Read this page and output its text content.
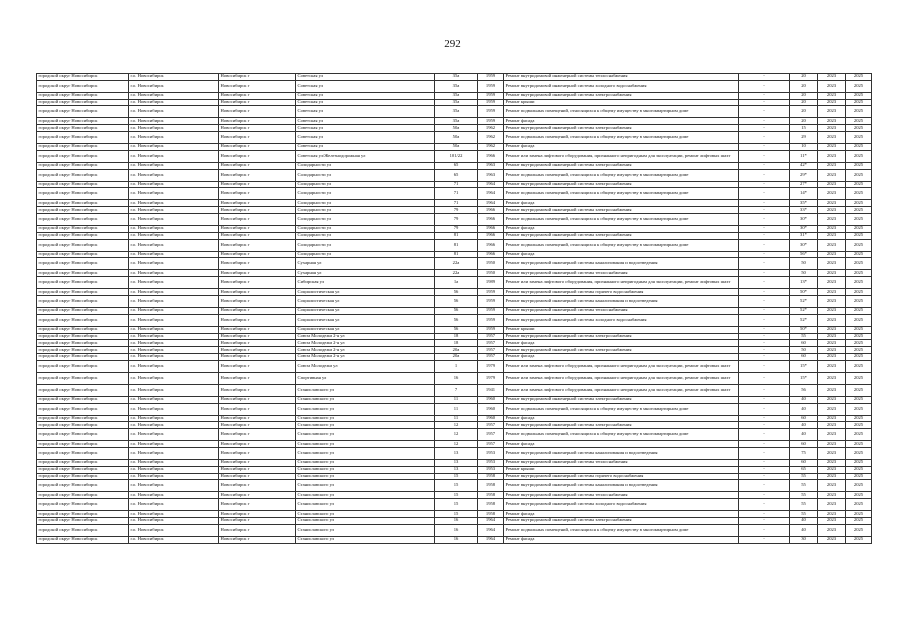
292
городской округ Новосибирск	г.о. Новосибирск	Новосибирск г	Советская ул	35а	1959	Ремонт внутридомовой инженерной системы теплоснабжения	-	20	2023	2025
городской округ Новосибирск	г.о. Новосибирск	Новосибирск г	Советская ул	35а	1959	Ремонт внутридомовой инженерной системы холодного водоснабжения	-	20	2023	2025
городской округ Новосибирск	г.о. Новосибирск	Новосибирск г	Советская ул	35а	1959	Ремонт внутридомовой инженерной системы электроснабжения	-	20	2023	2025
городской округ Новосибирск	г.о. Новосибирск	Новосибирск г	Советская ул	35а	1959	Ремонт крыши	-	20	2023	2025
городской округ Новосибирск	г.о. Новосибирск	Новосибирск г	Советская ул	35а	1959	Ремонт подвальных помещений, относящихся к общему имуществу в многоквартирном доме	-	20	2023	2025
городской округ Новосибирск	г.о. Новосибирск	Новосибирск г	Советская ул	35а	1959	Ремонт фасада	-	20	2023	2025
городской округ Новосибирск	г.о. Новосибирск	Новосибирск г	Советская ул	50а	1962	Ремонт внутридомовой инженерной системы электроснабжения	-	15	2023	2025
городской округ Новосибирск	г.о. Новосибирск	Новосибирск г	Советская ул	50а	1962	Ремонт подвальных помещений, относящихся к общему имуществу в многоквартирном доме	-	29	2023	2025
городской округ Новосибирск	г.о. Новосибирск	Новосибирск г	Советская ул	50а	1962	Ремонт фасада	-	10	2023	2025
городской округ Новосибирск	г.о. Новосибирск	Новосибирск г	Советская ул/Железнодорожная ул	101/22	1966	Ремонт или замена лифтового оборудования, признанного непригодным для эксплуатации, ремонт лифтовых шахт	-	11*	2023	2025
городской округ Новосибирск	г.о. Новосибирск	Новосибирск г	Солидарности ул	65	1963	Ремонт внутридомовой инженерной системы электроснабжения	-	42*	2023	2025
городской округ Новосибирск	г.о. Новосибирск	Новосибирск г	Солидарности ул	65	1963	Ремонт подвальных помещений, относящихся к общему имуществу в многоквартирном доме	-	29*	2023	2025
городской округ Новосибирск	г.о. Новосибирск	Новосибирск г	Солидарности ул	71	1964	Ремонт внутридомовой инженерной системы электроснабжения	-	27*	2023	2025
городской округ Новосибирск	г.о. Новосибирск	Новосибирск г	Солидарности ул	71	1964	Ремонт подвальных помещений, относящихся к общему имуществу в многоквартирном доме	-	14*	2023	2025
городской округ Новосибирск	г.о. Новосибирск	Новосибирск г	Солидарности ул	71	1964	Ремонт фасада	-	35*	2023	2025
городской округ Новосибирск	г.о. Новосибирск	Новосибирск г	Солидарности ул	79	1966	Ремонт внутридомовой инженерной системы электроснабжения	-	33*	2023	2025
городской округ Новосибирск	г.о. Новосибирск	Новосибирск г	Солидарности ул	79	1966	Ремонт подвальных помещений, относящихся к общему имуществу в многоквартирном доме	-	30*	2023	2025
городской округ Новосибирск	г.о. Новосибирск	Новосибирск г	Солидарности ул	79	1966	Ремонт фасада	-	30*	2023	2025
городской округ Новосибирск	г.о. Новосибирск	Новосибирск г	Солидарности ул	81	1966	Ремонт внутридомовой инженерной системы электроснабжения	-	31*	2023	2025
городской округ Новосибирск	г.о. Новосибирск	Новосибирск г	Солидарности ул	81	1966	Ремонт подвальных помещений, относящихся к общему имуществу в многоквартирном доме	-	30*	2023	2025
городской округ Новосибирск	г.о. Новосибирск	Новосибирск г	Солидарности ул	81	1966	Ремонт фасада	-	56*	2023	2025
городской округ Новосибирск	г.о. Новосибирск	Новосибирск г	Сухарная ул	22а	1950	Ремонт внутридомовой инженерной системы канализования и водоотведения	-	50	2023	2025
городской округ Новосибирск	г.о. Новосибирск	Новосибирск г	Сухарная ул	22а	1950	Ремонт внутридомовой инженерной системы теплоснабжения	-	50	2023	2025
городской округ Новосибирск	г.о. Новосибирск	Новосибирск г	Сибирская ул	1а	1989	Ремонт или замена лифтового оборудования, признанного непригодным для эксплуатации, ремонт лифтовых шахт	-	13*	2023	2025
городской округ Новосибирск	г.о. Новосибирск	Новосибирск г	Социалистическая ул	56	1959	Ремонт внутридомовой инженерной системы горячего водоснабжения	-	50*	2023	2025
городской округ Новосибирск	г.о. Новосибирск	Новосибирск г	Социалистическая ул	56	1959	Ремонт внутридомовой инженерной системы канализования и водоотведения	-	52*	2023	2025
городской округ Новосибирск	г.о. Новосибирск	Новосибирск г	Социалистическая ул	56	1959	Ремонт внутридомовой инженерной системы теплоснабжения	-	52*	2023	2025
городской округ Новосибирск	г.о. Новосибирск	Новосибирск г	Социалистическая ул	56	1959	Ремонт внутридомовой инженерной системы холодного водоснабжения	-	52*	2023	2025
городской округ Новосибирск	г.о. Новосибирск	Новосибирск г	Социалистическая ул	56	1959	Ремонт крыши	-	50*	2023	2025
городской округ Новосибирск	г.о. Новосибирск	Новосибирск г	Союза Молодежи 2-я ул	18	1957	Ремонт внутридомовой инженерной системы электроснабжения	-	55	2023	2025
городской округ Новосибирск	г.о. Новосибирск	Новосибирск г	Союза Молодежи 2-я ул	18	1957	Ремонт фасада	-	60	2023	2025
городской округ Новосибирск	г.о. Новосибирск	Новосибирск г	Союза Молодежи 2-я ул	20а	1957	Ремонт внутридомовой инженерной системы электроснабжения	-	50	2023	2025
городской округ Новосибирск	г.о. Новосибирск	Новосибирск г	Союза Молодежи 2-я ул	20а	1957	Ремонт фасада	-	60	2023	2025
городской округ Новосибирск	г.о. Новосибирск	Новосибирск г	Союза Молодежи ул	1	1979	Ремонт или замена лифтового оборудования, признанного непригодным для эксплуатации, ремонт лифтовых шахт	-	15*	2023	2025
городской округ Новосибирск	г.о. Новосибирск	Новосибирск г	Спортивная ул	16	1979	Ремонт или замена лифтового оборудования, признанного непригодным для эксплуатации, ремонт лифтовых шахт	-	15*	2023	2025
городской округ Новосибирск	г.о. Новосибирск	Новосибирск г	Станиславского ул	7	1941	Ремонт или замена лифтового оборудования, признанного непригодным для эксплуатации, ремонт лифтовых шахт	-	56	2023	2025
городской округ Новосибирск	г.о. Новосибирск	Новосибирск г	Станиславского ул	11	1960	Ремонт внутридомовой инженерной системы электроснабжения	-	40	2023	2025
городской округ Новосибирск	г.о. Новосибирск	Новосибирск г	Станиславского ул	11	1960	Ремонт подвальных помещений, относящихся к общему имуществу в многоквартирном доме	-	40	2023	2025
городской округ Новосибирск	г.о. Новосибирск	Новосибирск г	Станиславского ул	11	1960	Ремонт фасада	-	60	2023	2025
городской округ Новосибирск	г.о. Новосибирск	Новосибирск г	Станиславского ул	12	1957	Ремонт внутридомовой инженерной системы электроснабжения	-	40	2023	2025
городской округ Новосибирск	г.о. Новосибирск	Новосибирск г	Станиславского ул	12	1957	Ремонт подвальных помещений, относящихся к общему имуществу в многоквартирном доме	-	40	2023	2025
городской округ Новосибирск	г.о. Новосибирск	Новосибирск г	Станиславского ул	12	1957	Ремонт фасада	-	60	2023	2025
городской округ Новосибирск	г.о. Новосибирск	Новосибирск г	Станиславского ул	13	1953	Ремонт внутридомовой инженерной системы канализования и водоотведения	-	75	2023	2025
городской округ Новосибирск	г.о. Новосибирск	Новосибирск г	Станиславского ул	13	1953	Ремонт внутридомовой инженерной системы теплоснабжения	-	60	2023	2025
городской округ Новосибирск	г.о. Новосибирск	Новосибирск г	Станиславского ул	13	1953	Ремонт крыши	-	65	2023	2025
городской округ Новосибирск	г.о. Новосибирск	Новосибирск г	Станиславского ул	15	1958	Ремонт внутридомовой инженерной системы горячего водоснабжения	-	55	2023	2025
городской округ Новосибирск	г.о. Новосибирск	Новосибирск г	Станиславского ул	15	1958	Ремонт внутридомовой инженерной системы канализования и водоотведения	-	55	2023	2025
городской округ Новосибирск	г.о. Новосибирск	Новосибирск г	Станиславского ул	15	1958	Ремонт внутридомовой инженерной системы теплоснабжения	-	55	2023	2025
городской округ Новосибирск	г.о. Новосибирск	Новосибирск г	Станиславского ул	15	1958	Ремонт внутридомовой инженерной системы холодного водоснабжения	-	55	2023	2025
городской округ Новосибирск	г.о. Новосибирск	Новосибирск г	Станиславского ул	15	1958	Ремонт фасада	-	55	2023	2025
городской округ Новосибирск	г.о. Новосибирск	Новосибирск г	Станиславского ул	16	1964	Ремонт внутридомовой инженерной системы электроснабжения	-	40	2023	2025
городской округ Новосибирск	г.о. Новосибирск	Новосибирск г	Станиславского ул	16	1964	Ремонт подвальных помещений, относящихся к общему имуществу в многоквартирном доме	-	40	2023	2025
городской округ Новосибирск	г.о. Новосибирск	Новосибирск г	Станиславского ул	16	1964	Ремонт фасада	-	30	2023	2025
